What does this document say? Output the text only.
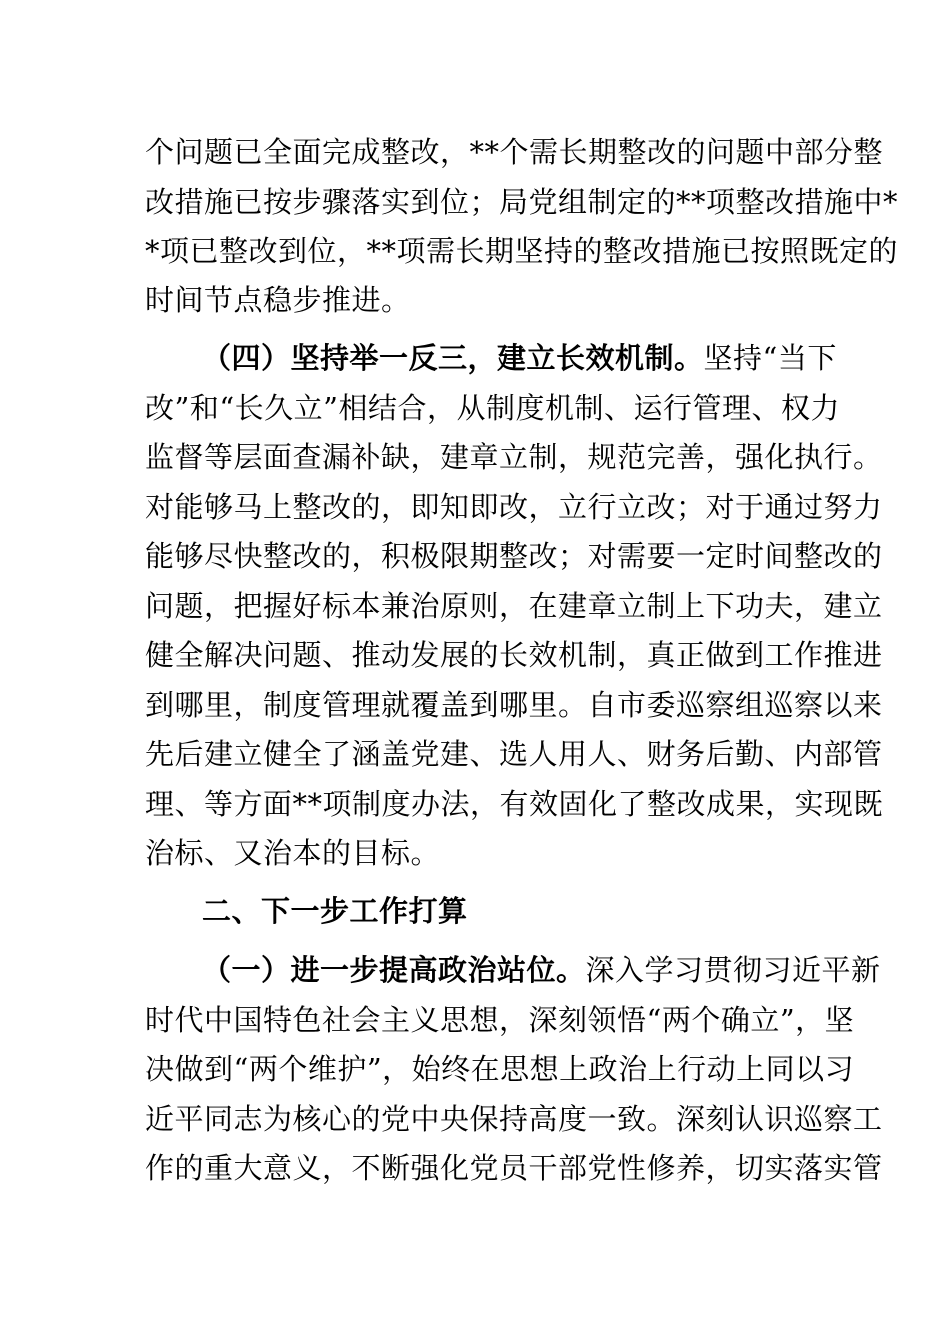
个问题已全面完成整改，**个需长期整改的问题中部分整
改措施已按步骤落实到位；局党组制定的**项整改措施中*
*项已整改到位，**项需长期坚持的整改措施已按照既定的
时间节点稳步推进。
（四）坚持举一反三，建立长效机制。坚持“当下
改”和“长久立”相结合，从制度机制、运行管理、权力
监督等层面查漏补缺，建章立制，规范完善，强化执行。
对能够马上整改的，即知即改，立行立改；对于通过努力
能够尽快整改的，积极限期整改；对需要一定时间整改的
问题，把握好标本兼治原则，在建章立制上下功夫，建立
健全解决问题、推动发展的长效机制，真正做到工作推进
到哪里，制度管理就覆盖到哪里。自市委巡察组巡察以来
先后建立健全了涵盖党建、选人用人、财务后勤、内部管
理、等方面**项制度办法，有效固化了整改成果，实现既
治标、又治本的目标。
二、下一步工作打算
（一）进一步提高政治站位。深入学习贯彻习近平新
时代中国特色社会主义思想，深刻领悟“两个确立”，坚
决做到“两个维护”，始终在思想上政治上行动上同以习
近平同志为核心的党中央保持高度一致。深刻认识巡察工
作的重大意义，不断强化党员干部党性修养，切实落实管
